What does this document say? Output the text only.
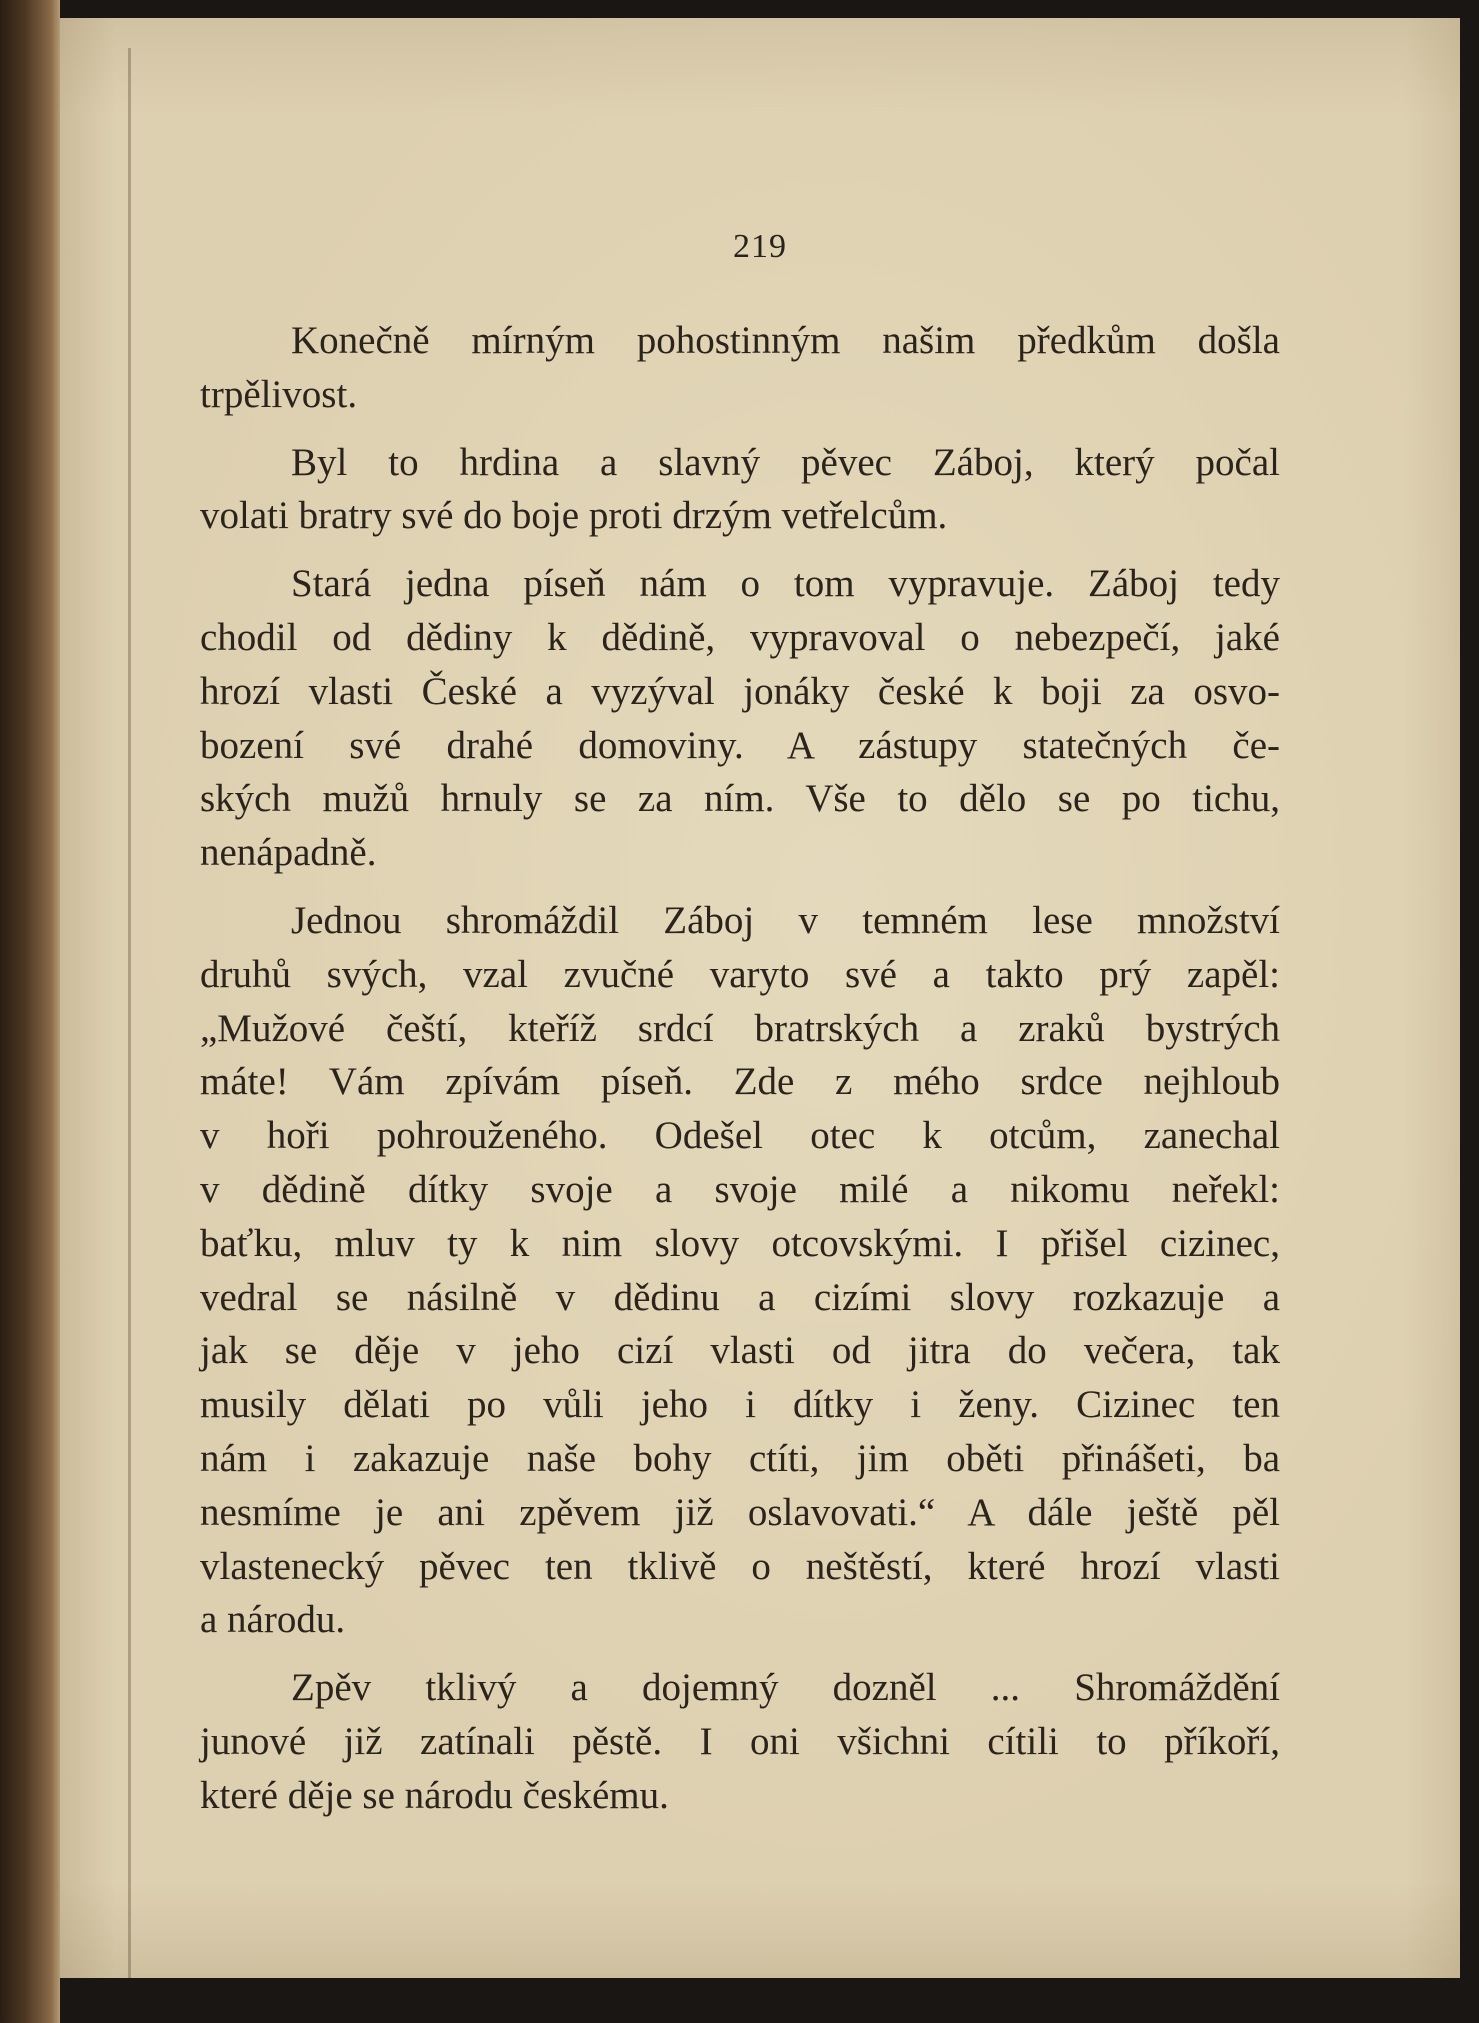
219
Konečně mírným pohostinným našim předkům došla
trpělivost.
Byl to hrdina a slavný pěvec Záboj, který počal
volati bratry své do boje proti drzým vetřelcům.
Stará jedna píseň nám o tom vypravuje. Záboj tedy
chodil od dědiny k dědině, vypravoval o nebezpečí, jaké
hrozí vlasti České a vyzýval jonáky české k boji za osvo-
bození své drahé domoviny. A zástupy statečných če-
ských mužů hrnuly se za ním. Vše to dělo se po tichu,
nenápadně.
Jednou shromáždil Záboj v temném lese množství
druhů svých, vzal zvučné varyto své a takto prý zapěl:
„Mužové čeští, kteříž srdcí bratrských a zraků bystrých
máte! Vám zpívám píseň. Zde z mého srdce nejhloub
v hoři pohrouženého. Odešel otec k otcům, zanechal
v dědině dítky svoje a svoje milé a nikomu neřekl:
baťku, mluv ty k nim slovy otcovskými. I přišel cizinec,
vedral se násilně v dědinu a cizími slovy rozkazuje a
jak se děje v jeho cizí vlasti od jitra do večera, tak
musily dělati po vůli jeho i dítky i ženy. Cizinec ten
nám i zakazuje naše bohy ctíti, jim oběti přinášeti, ba
nesmíme je ani zpěvem již oslavovati.“ A dále ještě pěl
vlastenecký pěvec ten tklivě o neštěstí, které hrozí vlasti
a národu.
Zpěv tklivý a dojemný dozněl ... Shromáždění
junové již zatínali pěstě. I oni všichni cítili to příkoří,
které děje se národu českému.
